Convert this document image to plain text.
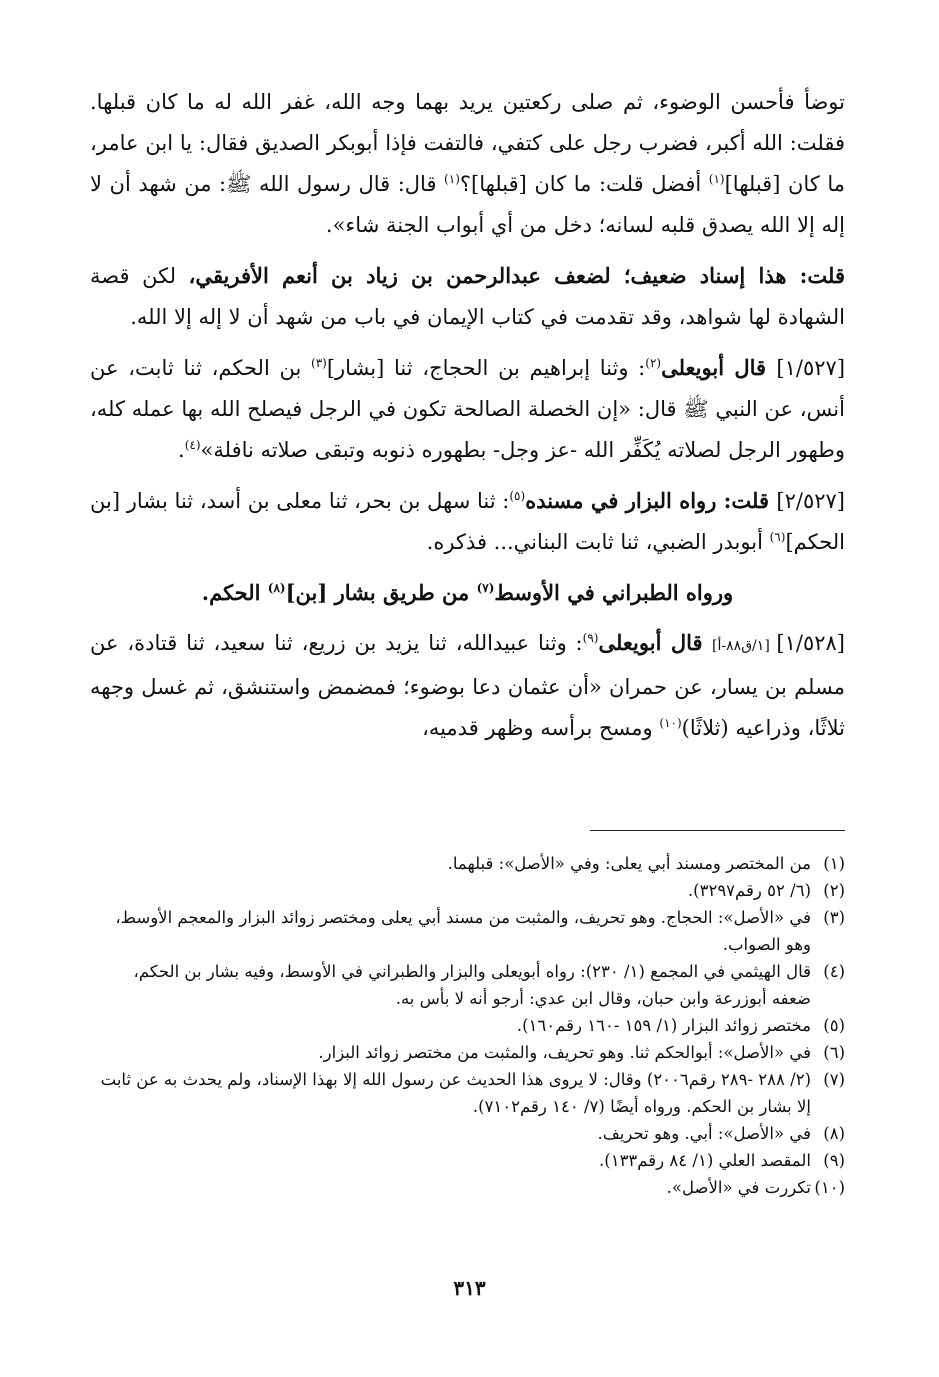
توضأ فأحسن الوضوء، ثم صلى ركعتين يريد بهما وجه الله، غفر الله له ما كان قبلها. فقلت: الله أكبر، فضرب رجل على كتفي، فالتفت فإذا أبوبكر الصديق فقال: يا ابن عامر، ما كان [قبلها]$^{(١)}$ أفضل قلت: ما كان [قبلها]؟$^{(١)}$ قال: قال رسول الله ﷺ: من شهد أن لا إله إلا الله يصدق قلبه لسانه؛ دخل من أي أبواب الجنة شاء».

قلت: هذا إسناد ضعيف؛ لضعف عبدالرحمن بن زياد بن أنعم الأفريقي، لكن قصة الشهادة لها شواهد، وقد تقدمت في كتاب الإيمان في باب من شهد أن لا إله إلا الله.

[١/٥٢٧] قال أبويعلى$^{(٢)}$: وثنا إبراهيم بن الحجاج، ثنا [بشار]$^{(٣)}$ بن الحكم، ثنا ثابت، عن أنس، عن النبي ﷺ قال: «إن الخصلة الصالحة تكون في الرجل فيصلح الله بها عمله كله، وطهور الرجل لصلاته يُكَفِّر الله -عز وجل- بطهوره ذنوبه وتبقى صلاته نافلة»$^{(٤)}$.

[٢/٥٢٧] قلت: رواه البزار في مسنده$^{(٥)}$: ثنا سهل بن بحر، ثنا معلى بن أسد، ثنا بشار [بن الحكم]$^{(٦)}$ أبوبدر الضبي، ثنا ثابت البناني... فذكره.

ورواه الطبراني في الأوسط$^{(٧)}$ من طريق بشار [بن]$^{(٨)}$ الحكم.

[١/٥٢٨] [١/ق٨٨-أ] قال أبويعلى$^{(٩)}$: وثنا عبيدالله، ثنا يزيد بن زريع، ثنا سعيد، ثنا قتادة، عن مسلم بن يسار، عن حمران «أن عثمان دعا بوضوء؛ فمضمض واستنشق، ثم غسل وجهه ثلاثًا، وذراعيه (ثلاثًا)$^{(١٠)}$ ومسح برأسه وظهر قدميه،

(١)
من المختصر ومسند أبي يعلى: وفي «الأصل»: قبلهما.

(٢)
(٦/ ٥٢ رقم٣٢٩٧).

(٣)
في «الأصل»: الحجاج. وهو تحريف، والمثبت من مسند أبي يعلى ومختصر زوائد البزار والمعجم الأوسط، وهو الصواب.

(٤)
قال الهيثمي في المجمع (١/ ٢٣٠): رواه أبويعلى والبزار والطبراني في الأوسط، وفيه بشار بن الحكم، ضعفه أبوزرعة وابن حبان، وقال ابن عدي: أرجو أنه لا بأس به.

(٥)
مختصر زوائد البزار (١/ ١٥٩ -١٦٠ رقم١٦٠).

(٦)
في «الأصل»: أبوالحكم ثنا. وهو تحريف، والمثبت من مختصر زوائد البزار.

(٧)
(٢/ ٢٨٨ -٢٨٩ رقم٢٠٠٦) وقال: لا يروى هذا الحديث عن رسول الله إلا بهذا الإسناد، ولم يحدث به عن ثابت إلا بشار بن الحكم. ورواه أيضًا (٧/ ١٤٠ رقم٧١٠٢).

(٨)
في «الأصل»: أبي. وهو تحريف.

(٩)
المقصد العلي (١/ ٨٤ رقم١٣٣).

(١٠)
تكررت في «الأصل».

٣١٣
